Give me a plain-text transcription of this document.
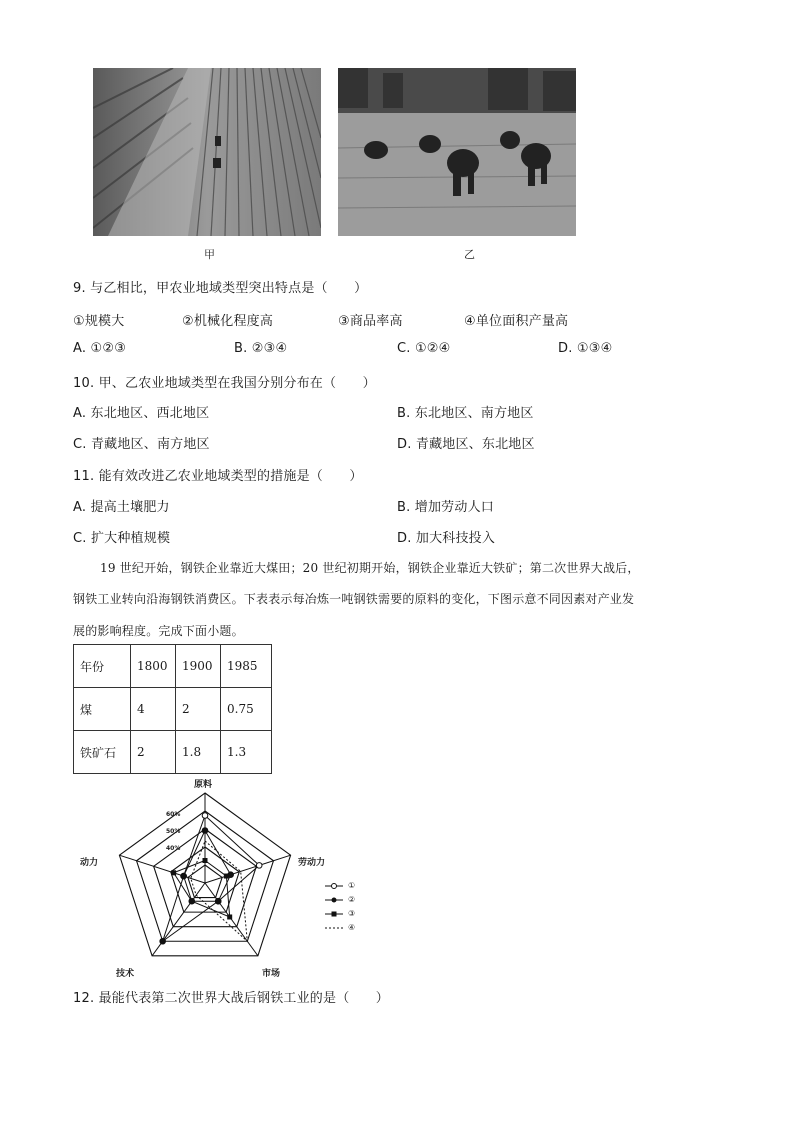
甲	乙
9. 与乙相比，甲农业地域类型突出特点是（　　）
①规模大	②机械化程度高	③商品率高	④单位面积产量高
A. ①②③	B. ②③④	C. ①②④	D. ①③④
10. 甲、乙农业地域类型在我国分别分布在（　　）
A. 东北地区、西北地区	B. 东北地区、南方地区
C. 青藏地区、南方地区	D. 青藏地区、东北地区
11. 能有效改进乙农业地域类型的措施是（　　）
A. 提高土壤肥力	B. 增加劳动人口
C. 扩大种植规模	D. 加大科技投入
19 世纪开始，钢铁企业靠近大煤田；20 世纪初期开始，钢铁企业靠近大铁矿；第二次世界大战后，
钢铁工业转向沿海钢铁消费区。下表表示每冶炼一吨钢铁需要的原料的变化，下图示意不同因素对产业发
展的影响程度。完成下面小题。
年份	1800	1900	1985
煤	4	2	0.75
铁矿石	2	1.8	1.3
原料
劳动力
市场
技术
动力
60%
50%
40%
①
②
③
④
12. 最能代表第二次世界大战后钢铁工业的是（　　）
